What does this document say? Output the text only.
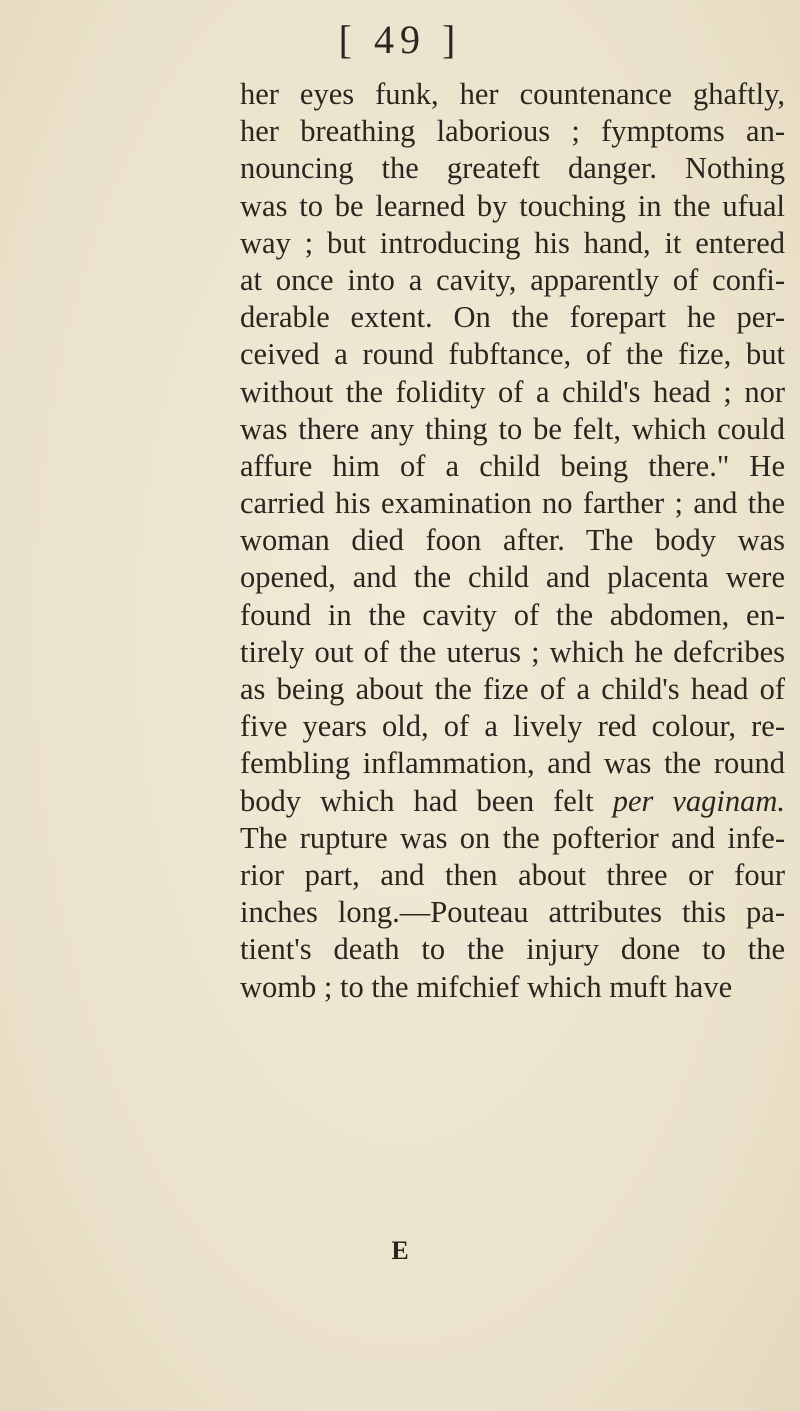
[ 49 ]
her eyes funk, her countenance ghaftly,
her breathing laborious ; fymptoms an-
nouncing the greateft danger. Nothing
was to be learned by touching in the ufual
way ; but introducing his hand, it entered
at once into a cavity, apparently of confi-
derable extent. On the forepart he per-
ceived a round fubftance, of the fize, but
without the folidity of a child's head ; nor
was there any thing to be felt, which could
affure him of a child being there." He
carried his examination no farther ; and the
woman died foon after. The body was
opened, and the child and placenta were
found in the cavity of the abdomen, en-
tirely out of the uterus ; which he defcribes
as being about the fize of a child's head of
five years old, of a lively red colour, re-
fembling inflammation, and was the round
body which had been felt per vaginam.
The rupture was on the pofterior and infe-
rior part, and then about three or four
inches long.—Pouteau attributes this pa-
tient's death to the injury done to the
womb ; to the mifchief which muft have
E
